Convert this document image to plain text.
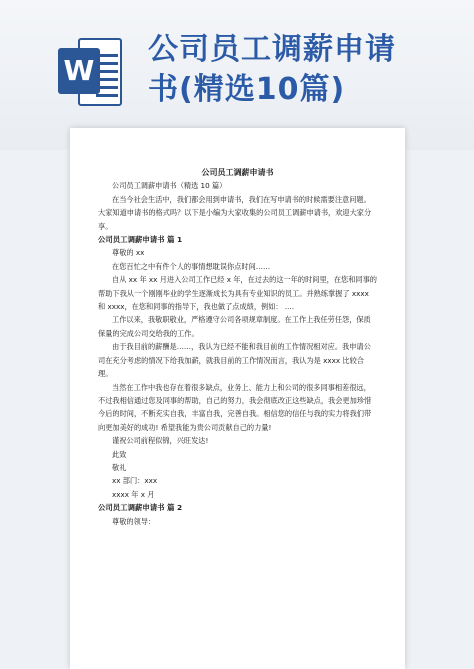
W
公司员工调薪申请
书(精选10篇)

公司员工调薪申请书

公司员工调薪申请书（精选 10 篇）

在当今社会生活中，我们都会用到申请书，我们在写申请书的时候需要注意问题。大家知道申请书的格式吗？以下是小编为大家收集的公司员工调薪申请书，欢迎大家分享。

公司员工调薪申请书 篇 1

尊敬的 xx

在您百忙之中有件个人的事情想耽误你点时间……

自从 xx 年 xx 月进入公司工作已经 x 年，在过去的这一年的时间里，在您和同事的帮助下我从一个刚刚毕业的学生逐渐成长为具有专业知识的员工。并熟练掌握了 xxxx 和 xxxx，在您和同事的指导下，我也做了点成绩，例如： ....

工作以来，我敬职敬业，严格遵守公司各项规章制度。在工作上我任劳任怨，保质保量的完成公司交给我的工作。

由于我目前的薪酬是……，我认为已经不能和我目前的工作情况相对应。我申请公司在充分考虑的情况下给我加薪，就我目前的工作情况而言，我认为是 xxxx 比较合理。

当然在工作中我也存在着很多缺点，业务上、能力上和公司的很多同事相差很远，不过我相信通过您及同事的帮助，自己的努力，我会彻底改正这些缺点，我会更加珍惜今后的时间，不断充实自我，丰富自我，完善自我。相信您的信任与我的实力将我们带向更加美好的成功! 希望我能为贵公司贡献自己的力量!

谨祝公司前程似锦，兴旺发达!

此致

敬礼

xx 部门：xxx

xxxx 年 x 月

公司员工调薪申请书 篇 2

尊敬的领导：
